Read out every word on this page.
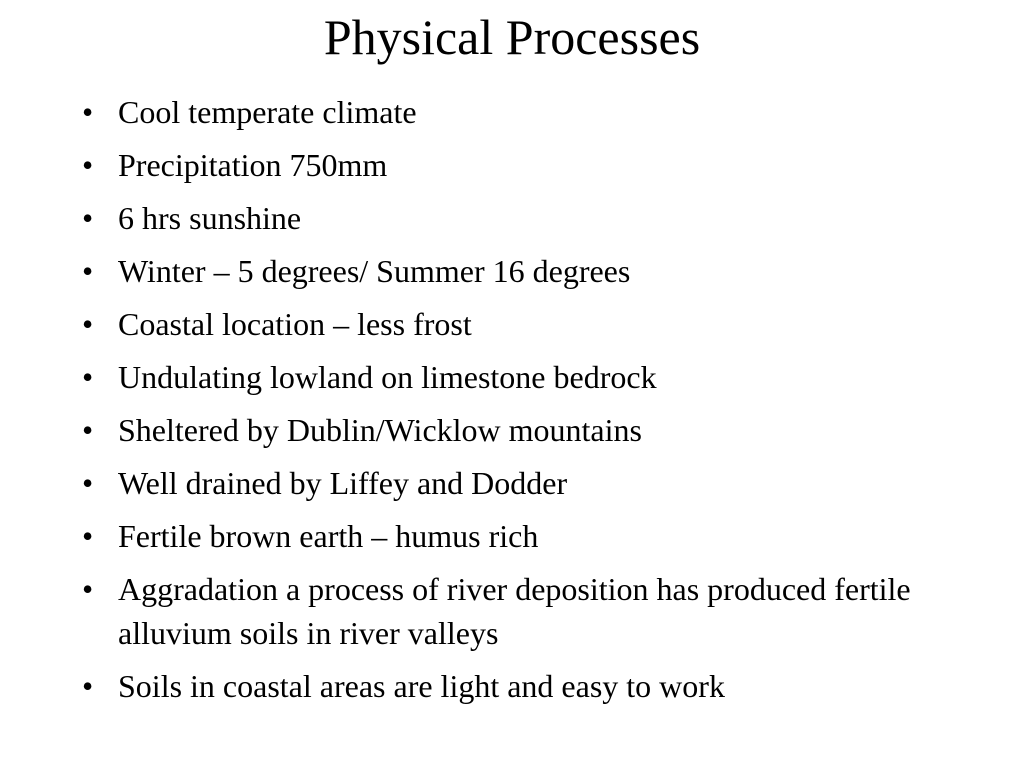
Physical Processes
• Cool temperate climate
• Precipitation 750mm
• 6 hrs sunshine
• Winter – 5 degrees/ Summer 16 degrees
• Coastal location – less frost
• Undulating lowland on limestone bedrock
• Sheltered by Dublin/Wicklow mountains
• Well drained by Liffey and Dodder
• Fertile brown earth – humus rich
• Aggradation a process of river deposition has produced fertile alluvium soils in river valleys
• Soils in coastal areas are light and easy to work
